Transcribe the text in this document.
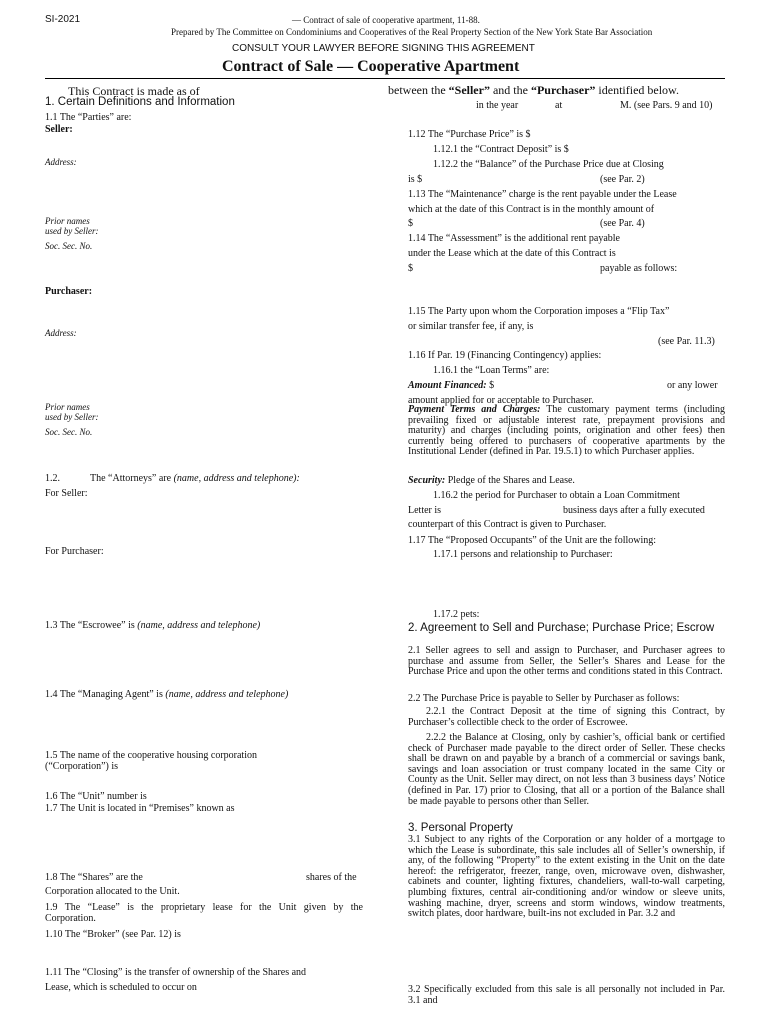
SI-2021	— Contract of sale of cooperative apartment, 11-88.
Prepared by The Committee on Condominiums and Cooperatives of the Real Property Section of the New York State Bar Association
CONSULT YOUR LAWYER BEFORE SIGNING THIS AGREEMENT
Contract of Sale — Cooperative Apartment
This Contract is made as of	between the “Seller” and the “Purchaser” identified below.
1. Certain Definitions and Information
1.1 The “Parties” are:
Seller:
Address:
Prior names
used by Seller:
Soc. Sec. No.
Purchaser:
Address:
Prior names
used by Seller:
Soc. Sec. No.
1.2.	The “Attorneys” are (name, address and telephone):
For Seller:
For Purchaser:
1.3 The “Escrowee” is (name, address and telephone)
1.4 The “Managing Agent” is (name, address and telephone)
1.5 The name of the cooperative housing corporation
(“Corporation”) is
1.6 The “Unit” number is
1.7 The Unit is located in “Premises” known as
1.8 The “Shares” are the	shares of the
Corporation allocated to the Unit.
1.9 The “Lease” is the proprietary lease for the Unit given by the
Corporation.
1.10 The “Broker” (see Par. 12) is
1.11 The “Closing” is the transfer of ownership of the Shares and
Lease, which is scheduled to occur on
in the year	at	M. (see Pars. 9 and 10)
1.12 The “Purchase Price” is $
1.12.1 the “Contract Deposit” is $
1.12.2 the “Balance” of the Purchase Price due at Closing
is $	(see Par. 2)
1.13 The “Maintenance” charge is the rent payable under the Lease
which at the date of this Contract is in the monthly amount of
$	(see Par. 4)
1.14 The “Assessment” is the additional rent payable
under the Lease which at the date of this Contract is
$	payable as follows:
1.15 The Party upon whom the Corporation imposes a “Flip Tax”
or similar transfer fee, if any, is
(see Par. 11.3)
1.16 If Par. 19 (Financing Contingency) applies:
1.16.1 the “Loan Terms” are:
Amount Financed: $	or any lower
amount applied for or acceptable to Purchaser.
Payment Terms and Charges: The customary payment terms (including prevailing fixed or adjustable interest rate, prepayment provisions and maturity) and charges (including points, origination and other fees) then currently being offered to purchasers of cooperative apartments by the Institutional Lender (defined in Par. 19.5.1) to which Purchaser applies.
Security: Pledge of the Shares and Lease.
1.16.2 the period for Purchaser to obtain a Loan Commitment
Letter is	business days after a fully executed
counterpart of this Contract is given to Purchaser.
1.17 The “Proposed Occupants” of the Unit are the following:
1.17.1 persons and relationship to Purchaser:
1.17.2 pets:
2. Agreement to Sell and Purchase; Purchase Price; Escrow
2.1 Seller agrees to sell and assign to Purchaser, and Purchaser agrees to purchase and assume from Seller, the Seller’s Shares and Lease for the Purchase Price and upon the other terms and conditions stated in this Contract.
2.2 The Purchase Price is payable to Seller by Purchaser as follows:
2.2.1 the Contract Deposit at the time of signing this Contract, by Purchaser’s collectible check to the order of Escrowee.
2.2.2 the Balance at Closing, only by cashier’s, official bank or certified check of Purchaser made payable to the direct order of Seller. These checks shall be drawn on and payable by a branch of a commercial or savings bank, savings and loan association or trust company located in the same City or County as the Unit. Seller may direct, on not less than 3 business days’ Notice (defined in Par. 17) prior to Closing, that all or a portion of the Balance shall be made payable to persons other than Seller.
3. Personal Property
3.1 Subject to any rights of the Corporation or any holder of a mortgage to which the Lease is subordinate, this sale includes all of Seller’s ownership, if any, of the following “Property” to the extent existing in the Unit on the date hereof: the refrigerator, freezer, range, oven, microwave oven, dishwasher, cabinets and counter, lighting fixtures, chandeliers, wall-to-wall carpeting, plumbing fixtures, central air-conditioning and/or window or sleeve units, washing machine, dryer, screens and storm windows, window treatments, switch plates, door hardware, built-ins not excluded in Par. 3.2 and
3.2 Specifically excluded from this sale is all personally not included in Par. 3.1 and
